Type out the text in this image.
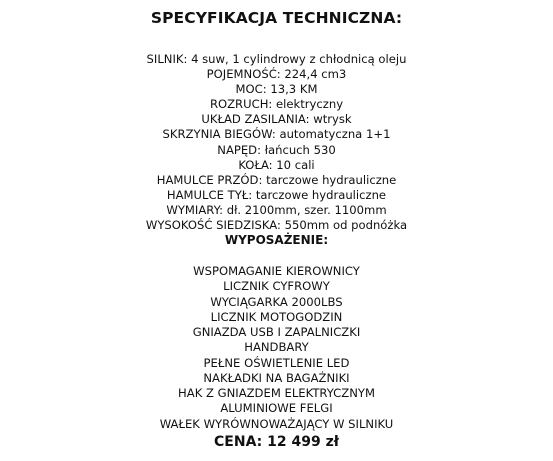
SPECYFIKACJA TECHNICZNA:
SILNIK: 4 suw, 1 cylindrowy z chłodnicą oleju
POJEMNOŚĆ: 224,4 cm3
MOC: 13,3 KM
ROZRUCH: elektryczny
UKŁAD ZASILANIA: wtrysk
SKRZYNIA BIEGÓW: automatyczna 1+1
NAPĘD: łańcuch 530
KOŁA: 10 cali
HAMULCE PRZÓD: tarczowe hydrauliczne
HAMULCE TYŁ: tarczowe hydrauliczne
WYMIARY: dł. 2100mm, szer. 1100mm
WYSOKOŚĆ SIEDZISKA: 550mm od podnóżka
WYPOSAŻENIE:
WSPOMAGANIE KIEROWNICY
LICZNIK CYFROWY
WYCIĄGARKA 2000LBS
LICZNIK MOTOGODZIN
GNIAZDA USB I ZAPALNICZKI
HANDBARY
PEŁNE OŚWIETLENIE LED
NAKŁADKI NA BAGAŻNIKI
HAK Z GNIAZDEM ELEKTRYCZNYM
ALUMINIOWE FELGI
WAŁEK WYRÓWNOWAŻAJĄCY W SILNIKU
CENA: 12 499 zł
